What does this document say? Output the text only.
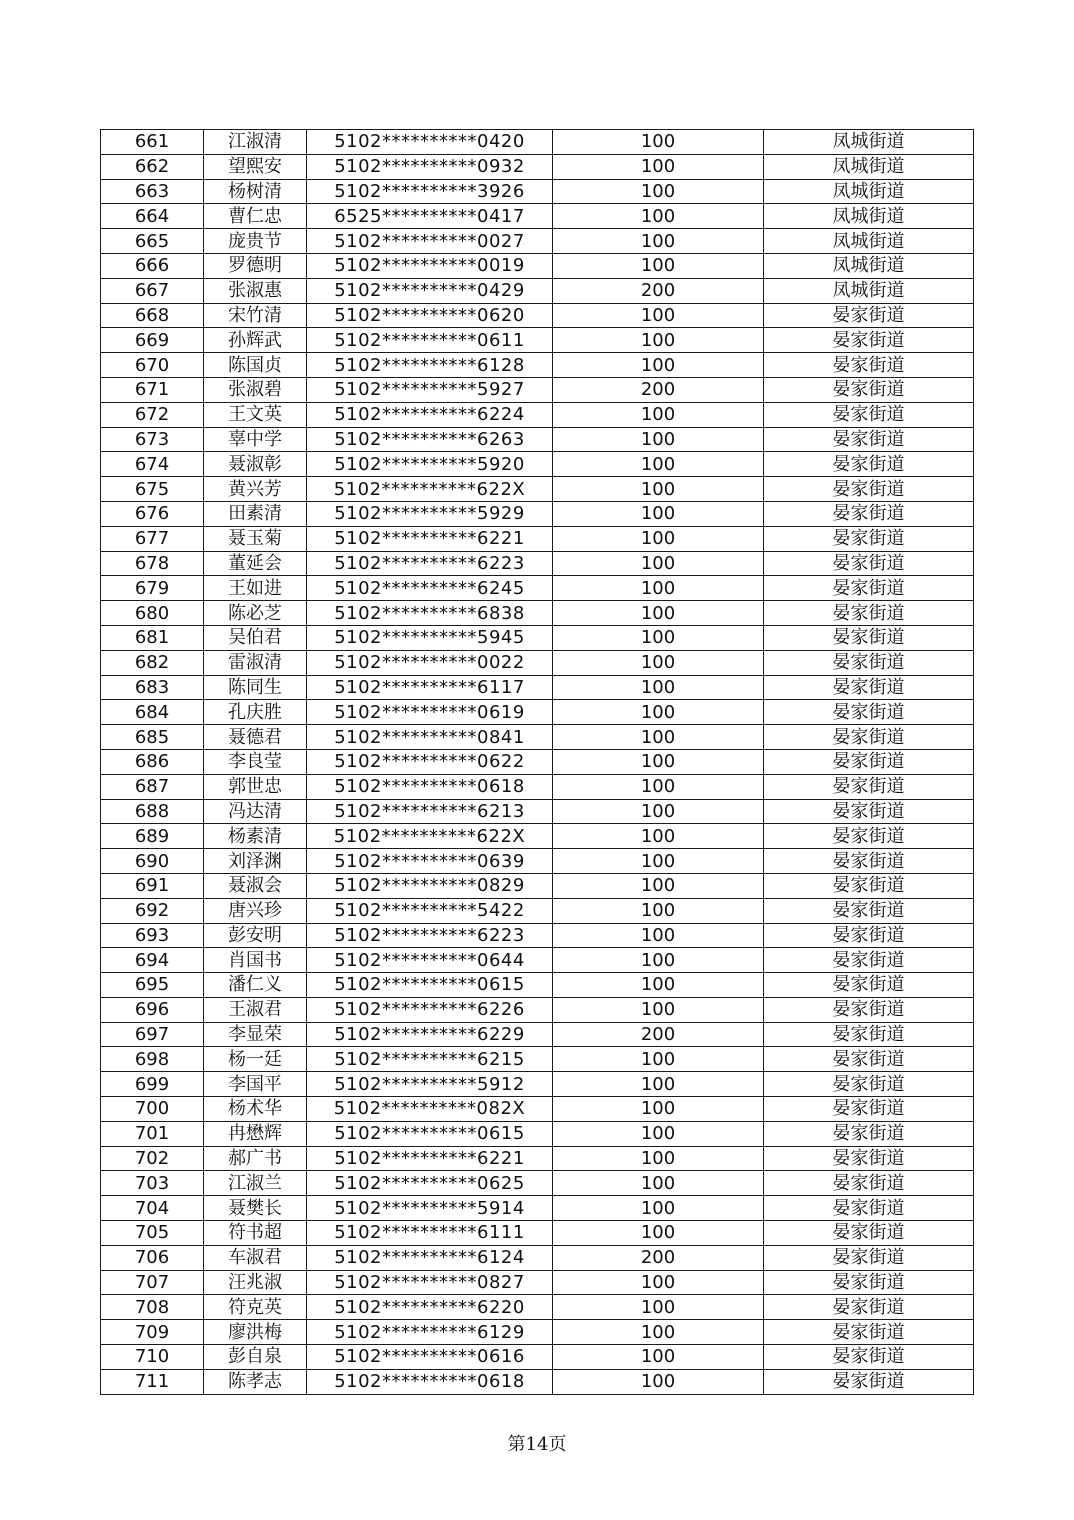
661	江淑清	5102**********0420	100	凤城街道
662	望熙安	5102**********0932	100	凤城街道
663	杨树清	5102**********3926	100	凤城街道
664	曹仁忠	6525**********0417	100	凤城街道
665	庞贵节	5102**********0027	100	凤城街道
666	罗德明	5102**********0019	100	凤城街道
667	张淑惠	5102**********0429	200	凤城街道
668	宋竹清	5102**********0620	100	晏家街道
669	孙辉武	5102**********0611	100	晏家街道
670	陈国贞	5102**********6128	100	晏家街道
671	张淑碧	5102**********5927	200	晏家街道
672	王文英	5102**********6224	100	晏家街道
673	辜中学	5102**********6263	100	晏家街道
674	聂淑彰	5102**********5920	100	晏家街道
675	黄兴芳	5102**********622X	100	晏家街道
676	田素清	5102**********5929	100	晏家街道
677	聂玉菊	5102**********6221	100	晏家街道
678	董延会	5102**********6223	100	晏家街道
679	王如进	5102**********6245	100	晏家街道
680	陈必芝	5102**********6838	100	晏家街道
681	吴伯君	5102**********5945	100	晏家街道
682	雷淑清	5102**********0022	100	晏家街道
683	陈同生	5102**********6117	100	晏家街道
684	孔庆胜	5102**********0619	100	晏家街道
685	聂德君	5102**********0841	100	晏家街道
686	李良莹	5102**********0622	100	晏家街道
687	郭世忠	5102**********0618	100	晏家街道
688	冯达清	5102**********6213	100	晏家街道
689	杨素清	5102**********622X	100	晏家街道
690	刘泽渊	5102**********0639	100	晏家街道
691	聂淑会	5102**********0829	100	晏家街道
692	唐兴珍	5102**********5422	100	晏家街道
693	彭安明	5102**********6223	100	晏家街道
694	肖国书	5102**********0644	100	晏家街道
695	潘仁义	5102**********0615	100	晏家街道
696	王淑君	5102**********6226	100	晏家街道
697	李显荣	5102**********6229	200	晏家街道
698	杨一廷	5102**********6215	100	晏家街道
699	李国平	5102**********5912	100	晏家街道
700	杨术华	5102**********082X	100	晏家街道
701	冉懋辉	5102**********0615	100	晏家街道
702	郝广书	5102**********6221	100	晏家街道
703	江淑兰	5102**********0625	100	晏家街道
704	聂樊长	5102**********5914	100	晏家街道
705	符书超	5102**********6111	100	晏家街道
706	车淑君	5102**********6124	200	晏家街道
707	汪兆淑	5102**********0827	100	晏家街道
708	符克英	5102**********6220	100	晏家街道
709	廖洪梅	5102**********6129	100	晏家街道
710	彭自泉	5102**********0616	100	晏家街道
711	陈孝志	5102**********0618	100	晏家街道
第14页
